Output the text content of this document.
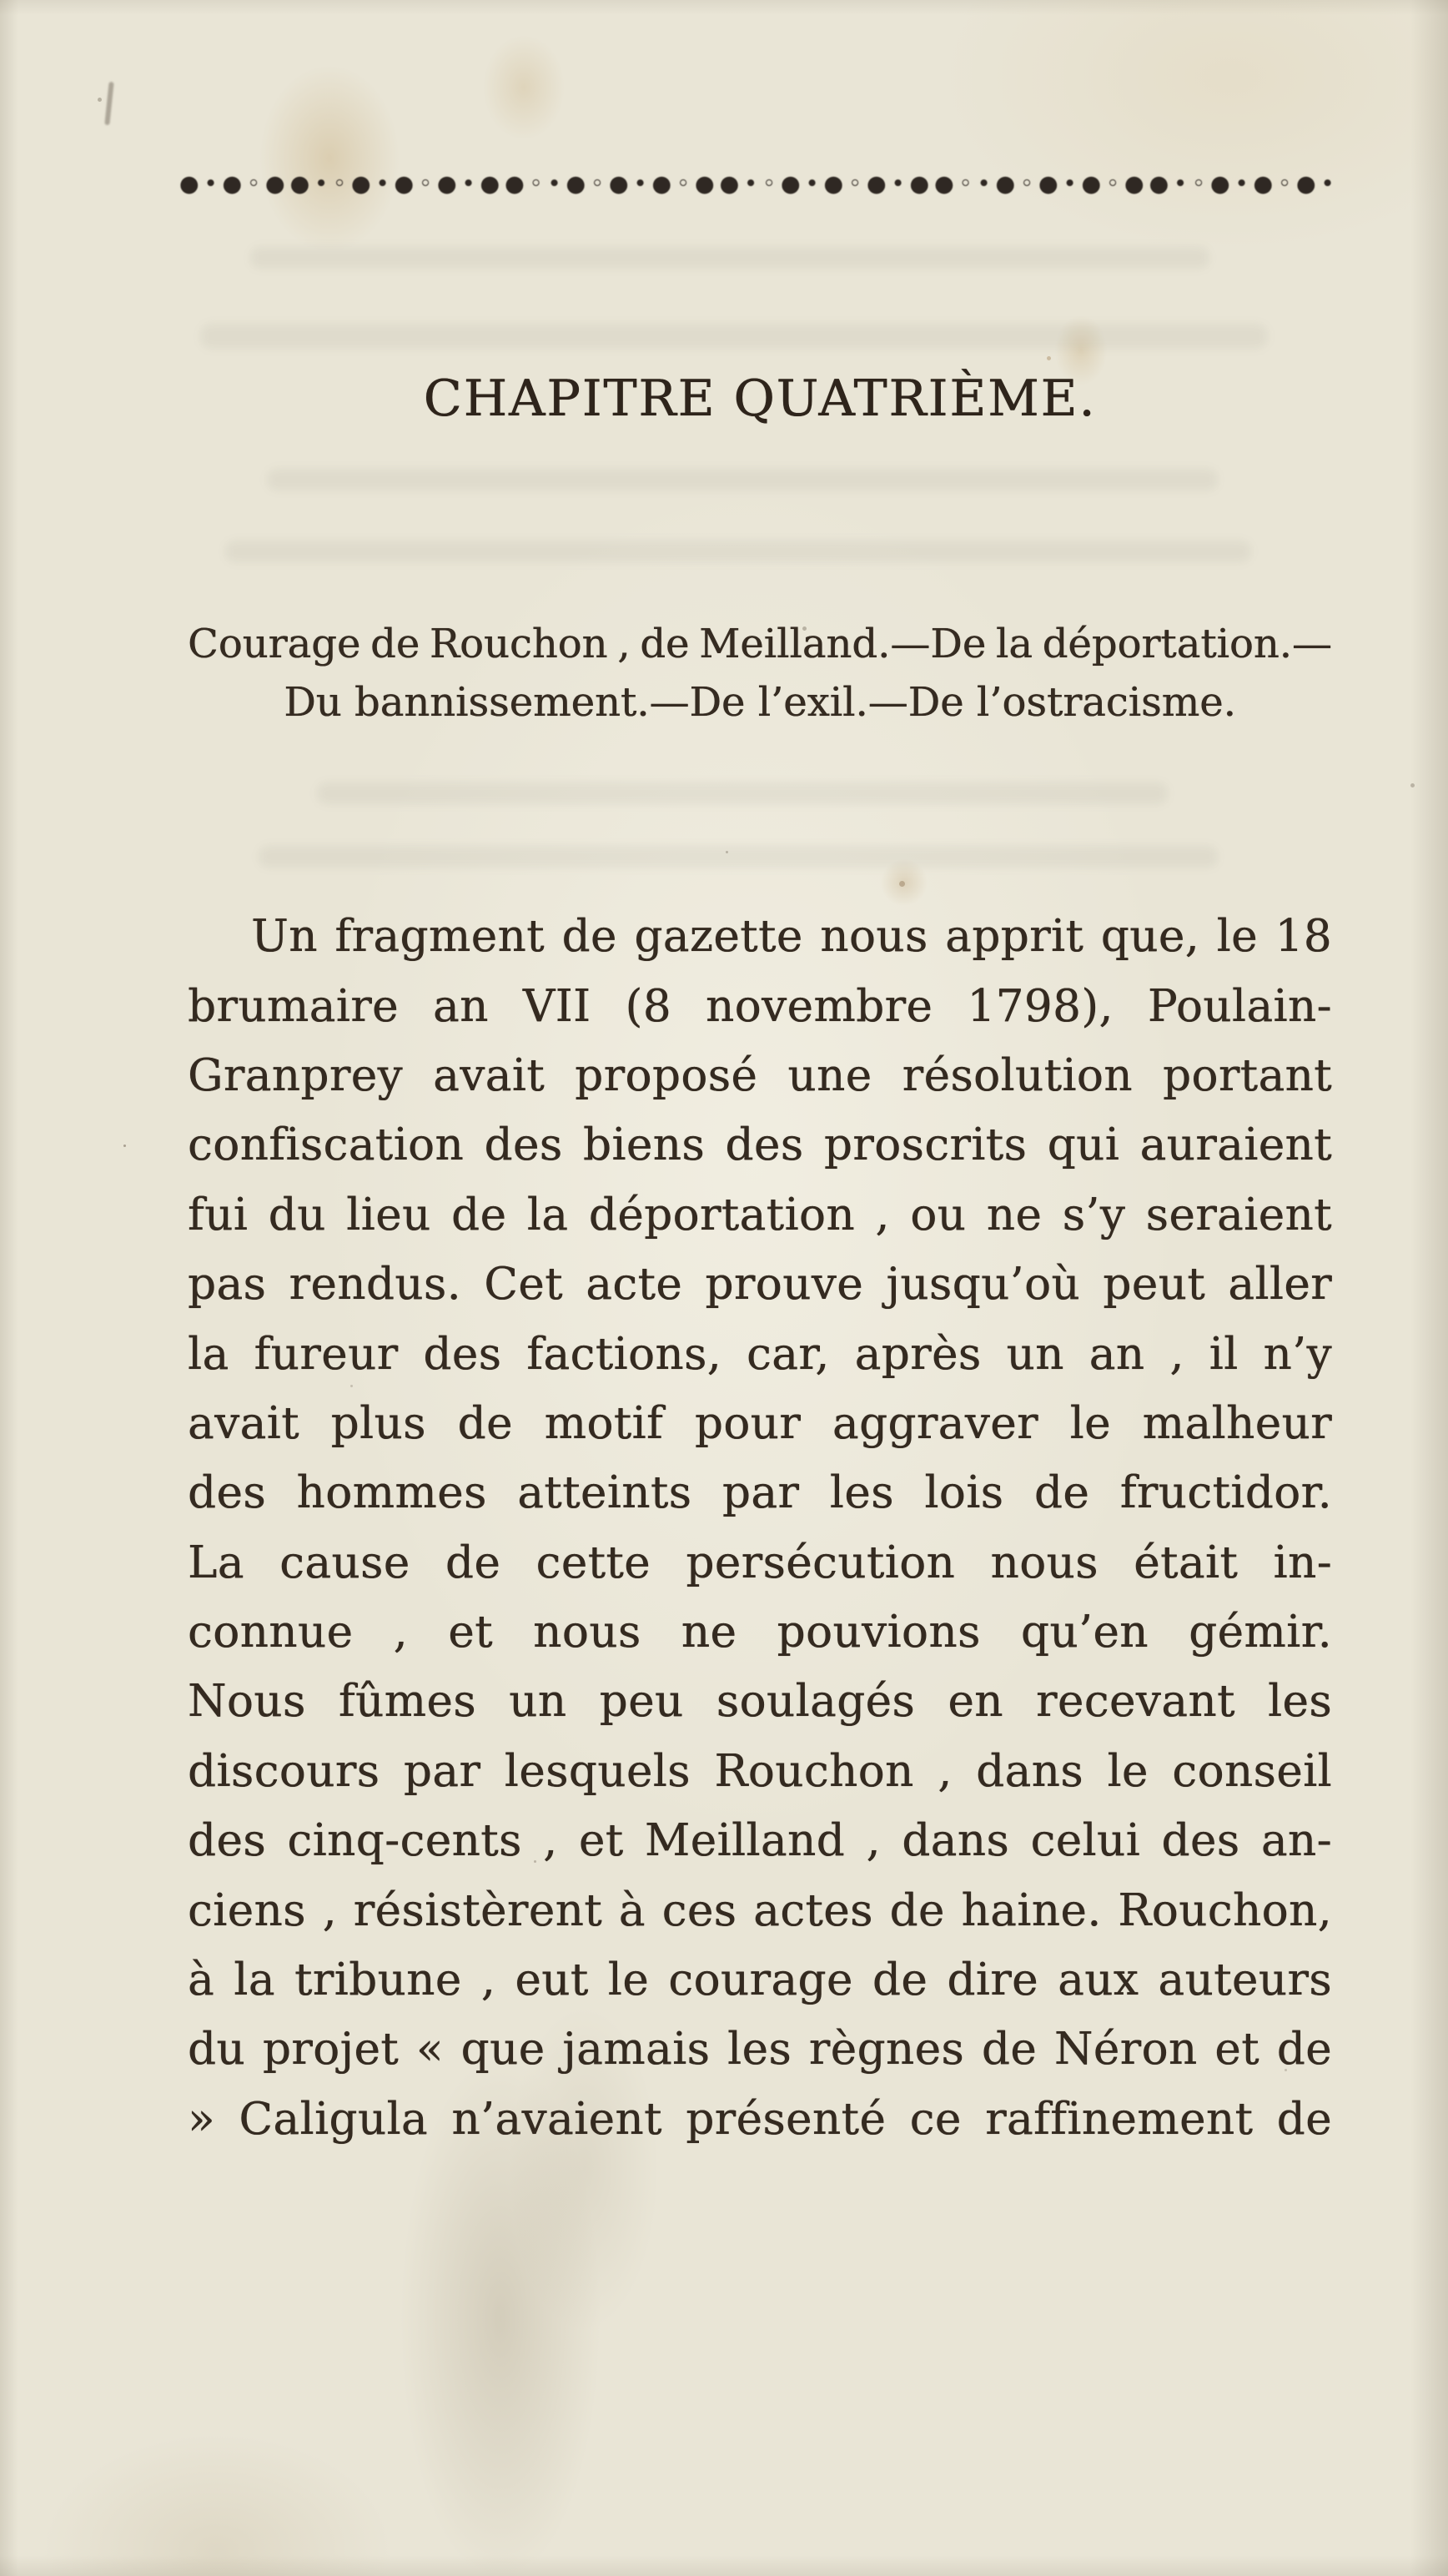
● • ● ◦ ● ● • ◦ ● • ● ◦ ● • ● ● ◦ • ● ◦ ● • ● ◦ ● ● • ◦ ● • ● ◦ ● • ● ● ◦ • ● ◦ ● • ● ◦ ● ● • ◦ ● • ● ◦ ● •
CHAPITRE QUATRIÈME.
Courage de Rouchon , de Meilland.—De la déportation.—
Du bannissement.—De l’exil.—De l’ostracisme.
Un fragment de gazette nous apprit que, le 18
brumaire an VII (8 novembre 1798), Poulain-
Granprey avait proposé une résolution portant
confiscation des biens des proscrits qui auraient
fui du lieu de la déportation , ou ne s’y seraient
pas rendus. Cet acte prouve jusqu’où peut aller
la fureur des factions, car, après un an , il n’y
avait plus de motif pour aggraver le malheur
des hommes atteints par les lois de fructidor.
La cause de cette persécution nous était in-
connue , et nous ne pouvions qu’en gémir.
Nous fûmes un peu soulagés en recevant les
discours par lesquels Rouchon , dans le conseil
des cinq-cents , et Meilland , dans celui des an-
ciens , résistèrent à ces actes de haine. Rouchon,
à la tribune , eut le courage de dire aux auteurs
du projet « que jamais les règnes de Néron et de
» Caligula n’avaient présenté ce raffinement de
